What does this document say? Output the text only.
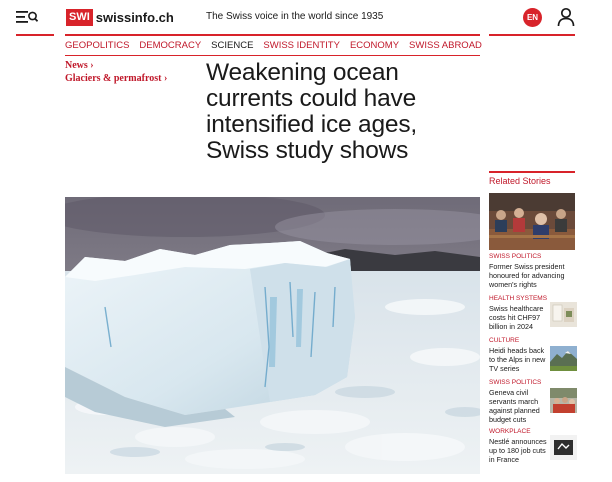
SWI swissinfo.ch	The Swiss voice in the world since 1935	EN
GEOPOLITICS DEMOCRACY SCIENCE SWISS IDENTITY ECONOMY SWISS ABROAD
News ›
Glaciers & permafrost › Weakening ocean currents could have intensified ice ages, Swiss study shows
Related Stories
SWISS POLITICS
Former Swiss president honoured for advancing women's rights
HEALTH SYSTEMS
Swiss healthcare costs hit CHF97 billion in 2024
CULTURE
Heidi heads back to the Alps in new TV series
SWISS POLITICS
Geneva civil servants march against planned budget cuts
WORKPLACE
Nestlé announces up to 180 job cuts in France
